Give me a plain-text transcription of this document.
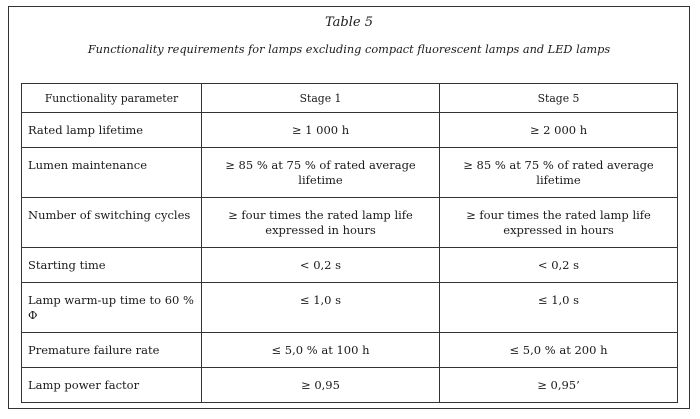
Table 5
Functionality requirements for lamps excluding compact fluorescent lamps and LED lamps
Functionality parameter	Stage 1	Stage 5
Rated lamp lifetime	≥ 1 000 h	≥ 2 000 h
Lumen maintenance	≥ 85 % at 75 % of rated average lifetime	≥ 85 % at 75 % of rated average lifetime
Number of switching cycles	≥ four times the rated lamp life expressed in hours	≥ four times the rated lamp life expressed in hours
Starting time	< 0,2 s	< 0,2 s
Lamp warm-up time to 60 % Φ	≤ 1,0 s	≤ 1,0 s
Premature failure rate	≤ 5,0 % at 100 h	≤ 5,0 % at 200 h
Lamp power factor	≥ 0,95	≥ 0,95’
